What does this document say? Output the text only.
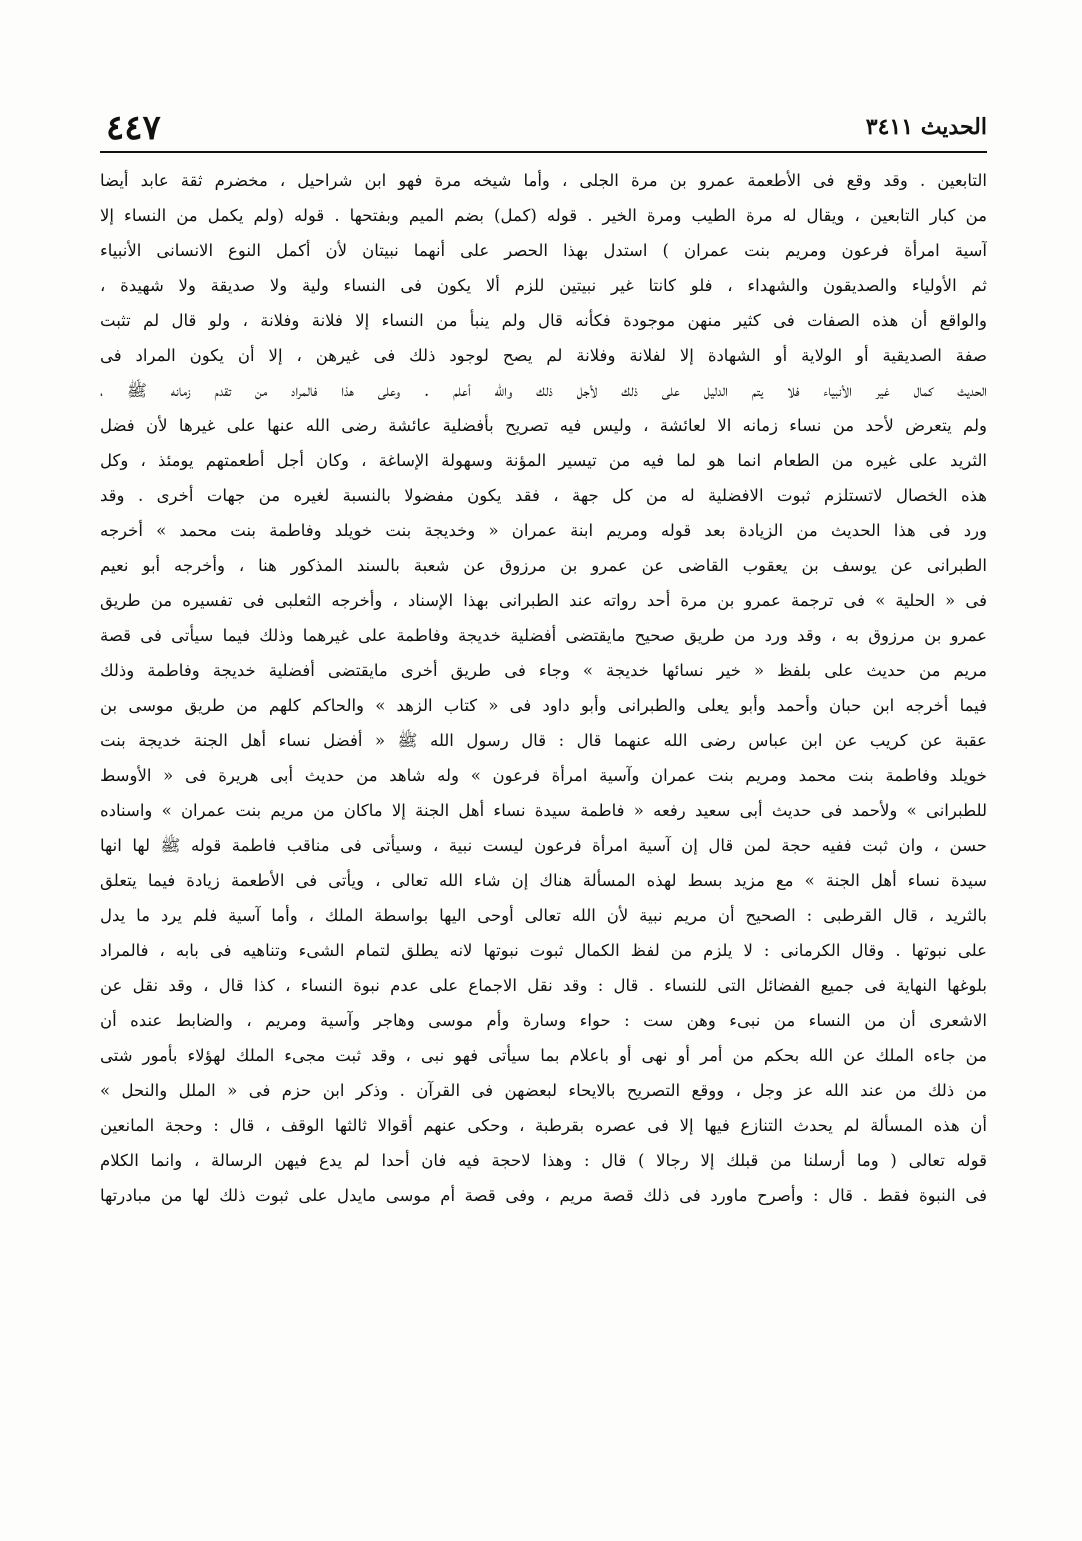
الحديث ٣٤١١
٤٤٧
التابعين . وقد وقع فى الأطعمة عمرو بن مرة الجلى ، وأما شيخه مرة فهو ابن شراحيل ، مخضرم ثقة عابد أيضا
من كبار التابعين ، ويقال له مرة الطيب ومرة الخير . قوله (كمل) بضم الميم وبفتحها . قوله (ولم يكمل من النساء إلا
آسية امرأة فرعون ومريم بنت عمران ) استدل بهذا الحصر على أنهما نبيتان لأن أكمل النوع الانسانى الأنبياء
ثم الأولياء والصديقون والشهداء ، فلو كانتا غير نبيتين للزم ألا يكون فى النساء ولية ولا صديقة ولا شهيدة ،
والواقع أن هذه الصفات فى كثير منهن موجودة فكأنه قال ولم ينبأ من النساء إلا فلانة وفلانة ، ولو قال لم تثبت
صفة الصديقية أو الولاية أو الشهادة إلا لفلانة وفلانة لم يصح لوجود ذلك فى غيرهن ، إلا أن يكون المراد فى
الحديث كمال غير الأنبياء فلا يتم الدليل على ذلك لأجل ذلك والله أعلم . وعلى هذا فالمراد من تقدم زمانه ﷺ ،
ولم يتعرض لأحد من نساء زمانه الا لعائشة ، وليس فيه تصريح بأفضلية عائشة رضى الله عنها على غيرها لأن فضل
الثريد على غيره من الطعام انما هو لما فيه من تيسير المؤنة وسهولة الإساغة ، وكان أجل أطعمتهم يومئذ ، وكل
هذه الخصال لاتستلزم ثبوت الافضلية له من كل جهة ، فقد يكون مفضولا بالنسبة لغيره من جهات أخرى . وقد
ورد فى هذا الحديث من الزيادة بعد قوله ومريم ابنة عمران « وخديجة بنت خويلد وفاطمة بنت محمد » أخرجه
الطبرانى عن يوسف بن يعقوب القاضى عن عمرو بن مرزوق عن شعبة بالسند المذكور هنا ، وأخرجه أبو نعيم
فى « الحلية » فى ترجمة عمرو بن مرة أحد رواته عند الطبرانى بهذا الإسناد ، وأخرجه الثعلبى فى تفسيره من طريق
عمرو بن مرزوق به ، وقد ورد من طريق صحيح مايقتضى أفضلية خديجة وفاطمة على غيرهما وذلك فيما سيأتى فى قصة
مريم من حديث على بلفظ « خير نسائها خديجة » وجاء فى طريق أخرى مايقتضى أفضلية خديجة وفاطمة وذلك
فيما أخرجه ابن حبان وأحمد وأبو يعلى والطبرانى وأبو داود فى « كتاب الزهد » والحاكم كلهم من طريق موسى بن
عقبة عن كريب عن ابن عباس رضى الله عنهما قال : قال رسول الله ﷺ « أفضل نساء أهل الجنة خديجة بنت
خويلد وفاطمة بنت محمد ومريم بنت عمران وآسية امرأة فرعون » وله شاهد من حديث أبى هريرة فى « الأوسط
للطبرانى » ولأحمد فى حديث أبى سعيد رفعه « فاطمة سيدة نساء أهل الجنة إلا ماكان من مريم بنت عمران » واسناده
حسن ، وان ثبت ففيه حجة لمن قال إن آسية امرأة فرعون ليست نبية ، وسيأتى فى مناقب فاطمة قوله ﷺ لها انها
سيدة نساء أهل الجنة » مع مزيد بسط لهذه المسألة هناك إن شاء الله تعالى ، ويأتى فى الأطعمة زيادة فيما يتعلق
بالثريد ، قال القرطبى : الصحيح أن مريم نبية لأن الله تعالى أوحى اليها بواسطة الملك ، وأما آسية فلم يرد ما يدل
على نبوتها . وقال الكرمانى : لا يلزم من لفظ الكمال ثبوت نبوتها لانه يطلق لتمام الشىء وتناهيه فى بابه ، فالمراد
بلوغها النهاية فى جميع الفضائل التى للنساء . قال : وقد نقل الاجماع على عدم نبوة النساء ، كذا قال ، وقد نقل عن
الاشعرى أن من النساء من نبىء وهن ست : حواء وسارة وأم موسى وهاجر وآسية ومريم ، والضابط عنده أن
من جاءه الملك عن الله بحكم من أمر أو نهى أو باعلام بما سيأتى فهو نبى ، وقد ثبت مجىء الملك لهؤلاء بأمور شتى
من ذلك من عند الله عز وجل ، ووقع التصريح بالايحاء لبعضهن فى القرآن . وذكر ابن حزم فى « الملل والنحل »
أن هذه المسألة لم يحدث التنازع فيها إلا فى عصره بقرطبة ، وحكى عنهم أقوالا ثالثها الوقف ، قال : وحجة المانعين
قوله تعالى ( وما أرسلنا من قبلك إلا رجالا ) قال : وهذا لاحجة فيه فان أحدا لم يدع فيهن الرسالة ، وانما الكلام
فى النبوة فقط . قال : وأصرح ماورد فى ذلك قصة مريم ، وفى قصة أم موسى مايدل على ثبوت ذلك لها من مبادرتها
